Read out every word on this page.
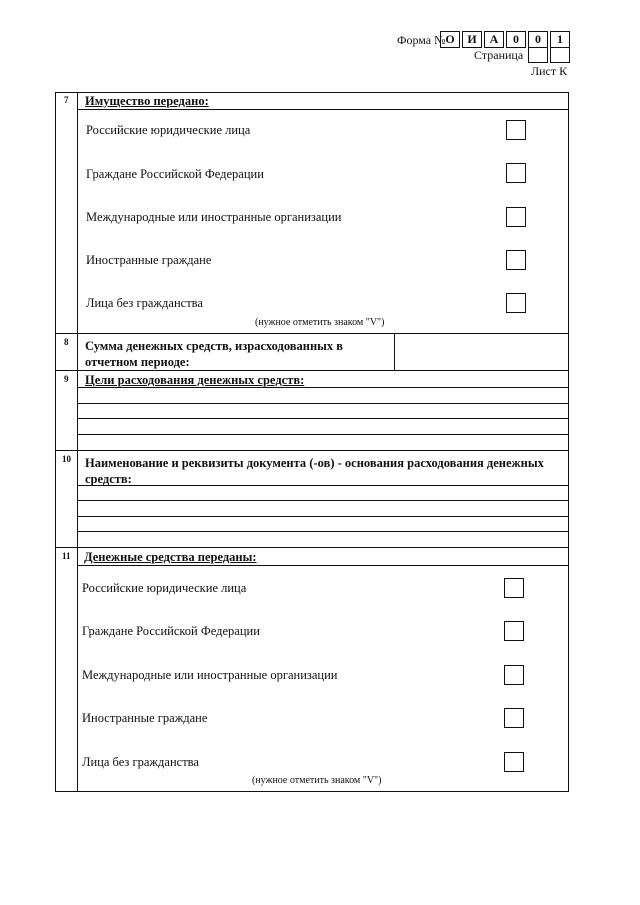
Форма № О	И	А	0	0	1
Страница
Лист К
7 Имущество передано:
Российские юридические лица
Граждане Российской Федерации
Международные или иностранные организации
Иностранные граждане
Лица без гражданства
(нужное отметить знаком "V")
8 Сумма денежных средств, израсходованных в
отчетном периоде:
9 Цели расходования денежных средств:
10 Наименование и реквизиты документа (-ов) - основания расходования денежных
средств:
11 Денежные средства переданы:
Российские юридические лица
Граждане Российской Федерации
Международные или иностранные организации
Иностранные граждане
Лица без гражданства
(нужное отметить знаком "V")
